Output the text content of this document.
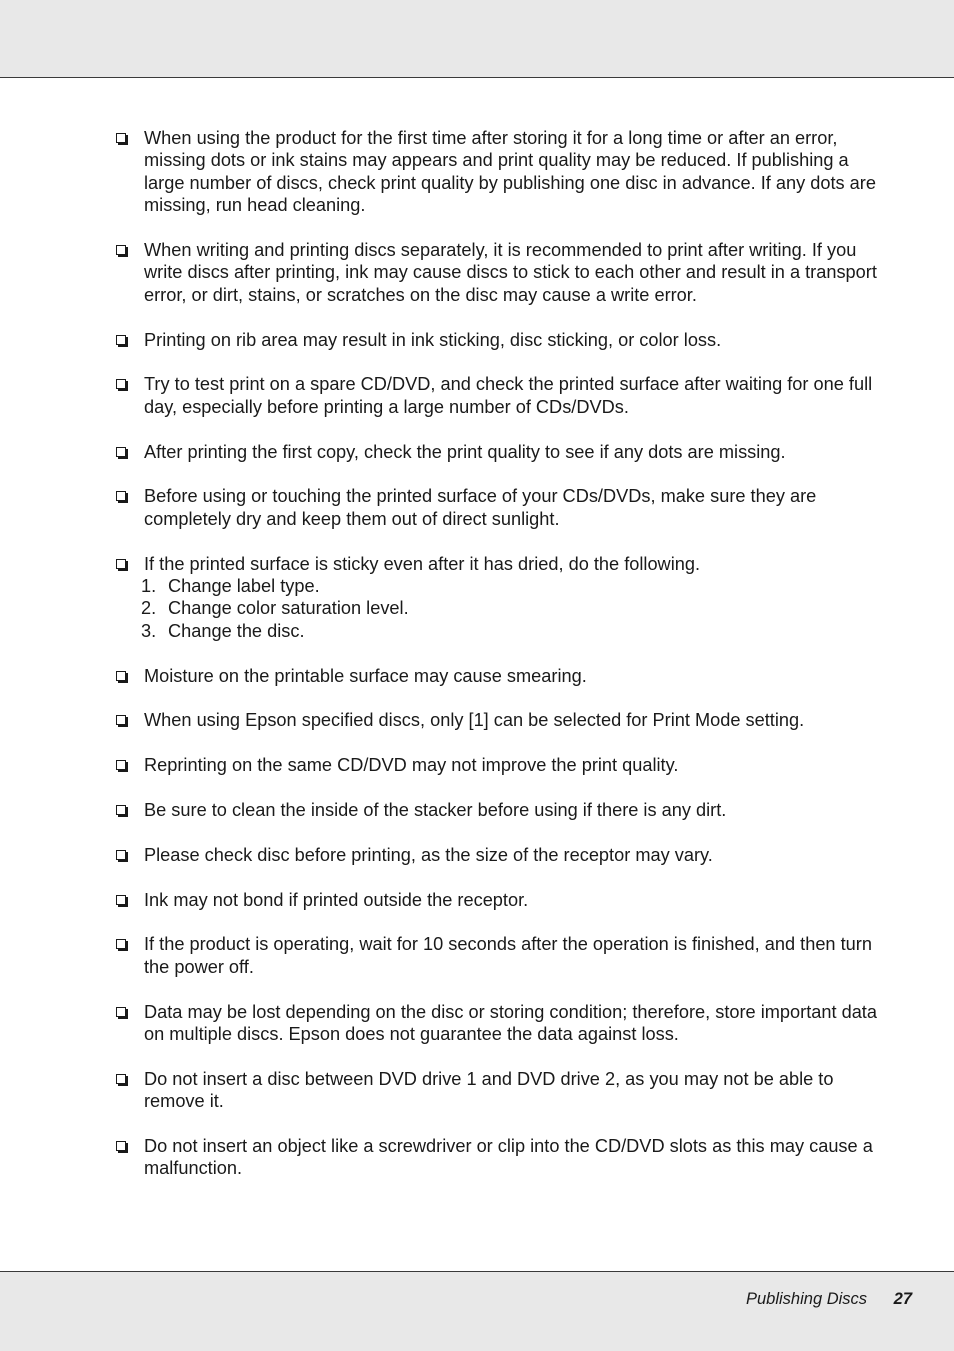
When using the product for the first time after storing it for a long time or after an error, missing dots or ink stains may appears and print quality may be reduced. If publishing a large number of discs, check print quality by publishing one disc in advance. If any dots are missing, run head cleaning.
When writing and printing discs separately, it is recommended to print after writing. If you write discs after printing, ink may cause discs to stick to each other and result in a transport error, or dirt, stains, or scratches on the disc may cause a write error.
Printing on rib area may result in ink sticking, disc sticking, or color loss.
Try to test print on a spare CD/DVD, and check the printed surface after waiting for one full day, especially before printing a large number of CDs/DVDs.
After printing the first copy, check the print quality to see if any dots are missing.
Before using or touching the printed surface of your CDs/DVDs, make sure they are completely dry and keep them out of direct sunlight.
If the printed surface is sticky even after it has dried, do the following.
1. Change label type.
2. Change color saturation level.
3. Change the disc.
Moisture on the printable surface may cause smearing.
When using Epson specified discs, only [1] can be selected for Print Mode setting.
Reprinting on the same CD/DVD may not improve the print quality.
Be sure to clean the inside of the stacker before using if there is any dirt.
Please check disc before printing, as the size of the receptor may vary.
Ink may not bond if printed outside the receptor.
If the product is operating, wait for 10 seconds after the operation is finished, and then turn the power off.
Data may be lost depending on the disc or storing condition; therefore, store important data on multiple discs. Epson does not guarantee the data against loss.
Do not insert a disc between DVD drive 1 and DVD drive 2, as you may not be able to remove it.
Do not insert an object like a screwdriver or clip into the CD/DVD slots as this may cause a malfunction.
Publishing Discs 27
